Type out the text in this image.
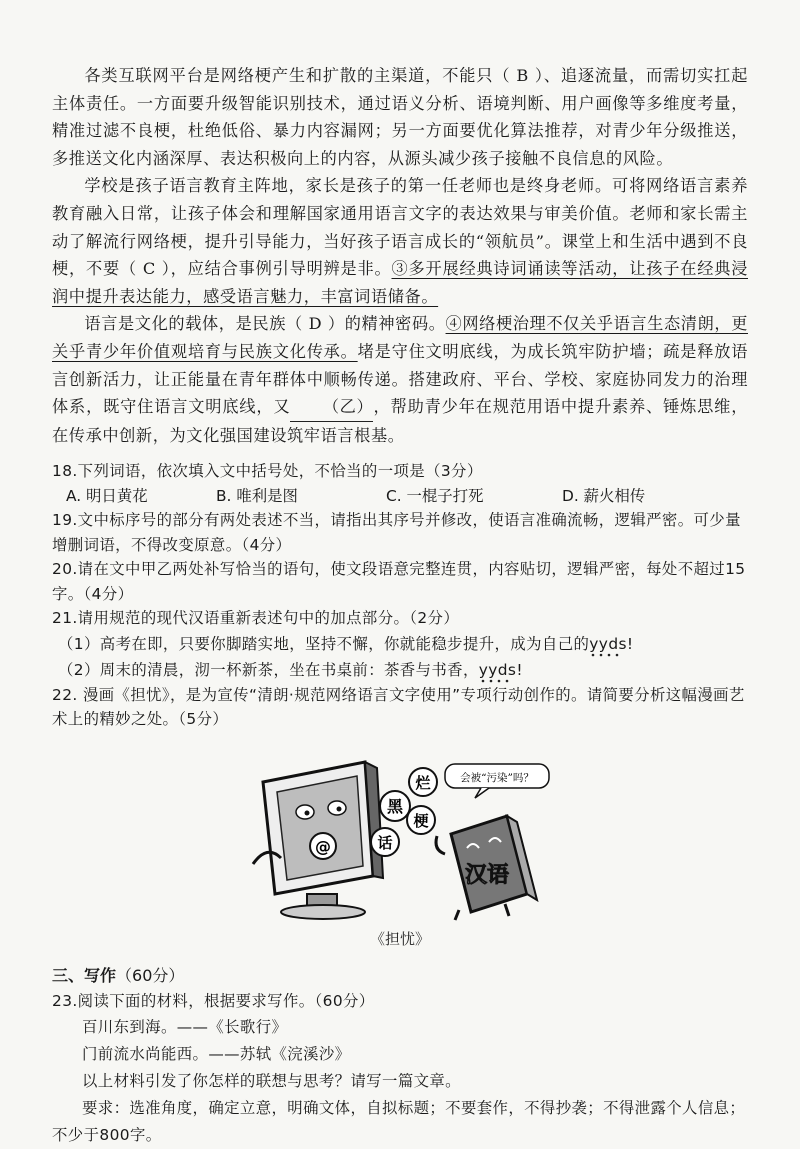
各类互联网平台是网络梗产生和扩散的主渠道，不能只（ B ）、追逐流量，而需切实扛起主体责任。一方面要升级智能识别技术，通过语义分析、语境判断、用户画像等多维度考量，精准过滤不良梗，杜绝低俗、暴力内容漏网；另一方面要优化算法推荐，对青少年分级推送，多推送文化内涵深厚、表达积极向上的内容，从源头减少孩子接触不良信息的风险。

学校是孩子语言教育主阵地，家长是孩子的第一任老师也是终身老师。可将网络语言素养教育融入日常，让孩子体会和理解国家通用语言文字的表达效果与审美价值。老师和家长需主动了解流行网络梗，提升引导能力，当好孩子语言成长的“领航员”。课堂上和生活中遇到不良梗，不要（ C ），应结合事例引导明辨是非。③多开展经典诗词诵读等活动，让孩子在经典浸润中提升表达能力，感受语言魅力，丰富词语储备。

语言是文化的载体，是民族（ D ）的精神密码。④网络梗治理不仅关乎语言生态清朗，更关乎青少年价值观培育与民族文化传承。堵是守住文明底线，为成长筑牢防护墙；疏是释放语言创新活力，让正能量在青年群体中顺畅传递。搭建政府、平台、学校、家庭协同发力的治理体系，既守住语言文明底线，又 （乙），帮助青少年在规范用语中提升素养、锤炼思维，在传承中创新，为文化强国建设筑牢语言根基。

18.下列词语，依次填入文中括号处，不恰当的一项是（3分）

A. 明日黄花	B. 唯利是图	C. 一棍子打死	D. 薪火相传

19.文中标序号的部分有两处表述不当，请指出其序号并修改，使语言准确流畅，逻辑严密。可少量增删词语，不得改变原意。（4分）

20.请在文中甲乙两处补写恰当的语句，使文段语意完整连贯，内容贴切，逻辑严密，每处不超过15字。（4分）

21.请用规范的现代汉语重新表述句中的加点部分。（2分）

（1）高考在即，只要你脚踏实地，坚持不懈，你就能稳步提升，成为自己的yyds
!

（2）周末的清晨，沏一杯新茶，坐在书桌前：茶香与书香，yyds
!

22. 漫画《担忧》，是为宣传“清朗·规范网络语言文字使用”专项行动创作的。请简要分析这幅漫画艺术上的精妙之处。（5分）

@
黑
烂
话
梗
会被“污染”吗？
汉语
《担忧》

三、写作（60分）

23.阅读下面的材料，根据要求写作。（60分）

百川东到海。——《长歌行》

门前流水尚能西。——苏轼《浣溪沙》

以上材料引发了你怎样的联想与思考？请写一篇文章。

要求：选准角度，确定立意，明确文体，自拟标题；不要套作，不得抄袭；不得泄露个人信息；不少于800字。
